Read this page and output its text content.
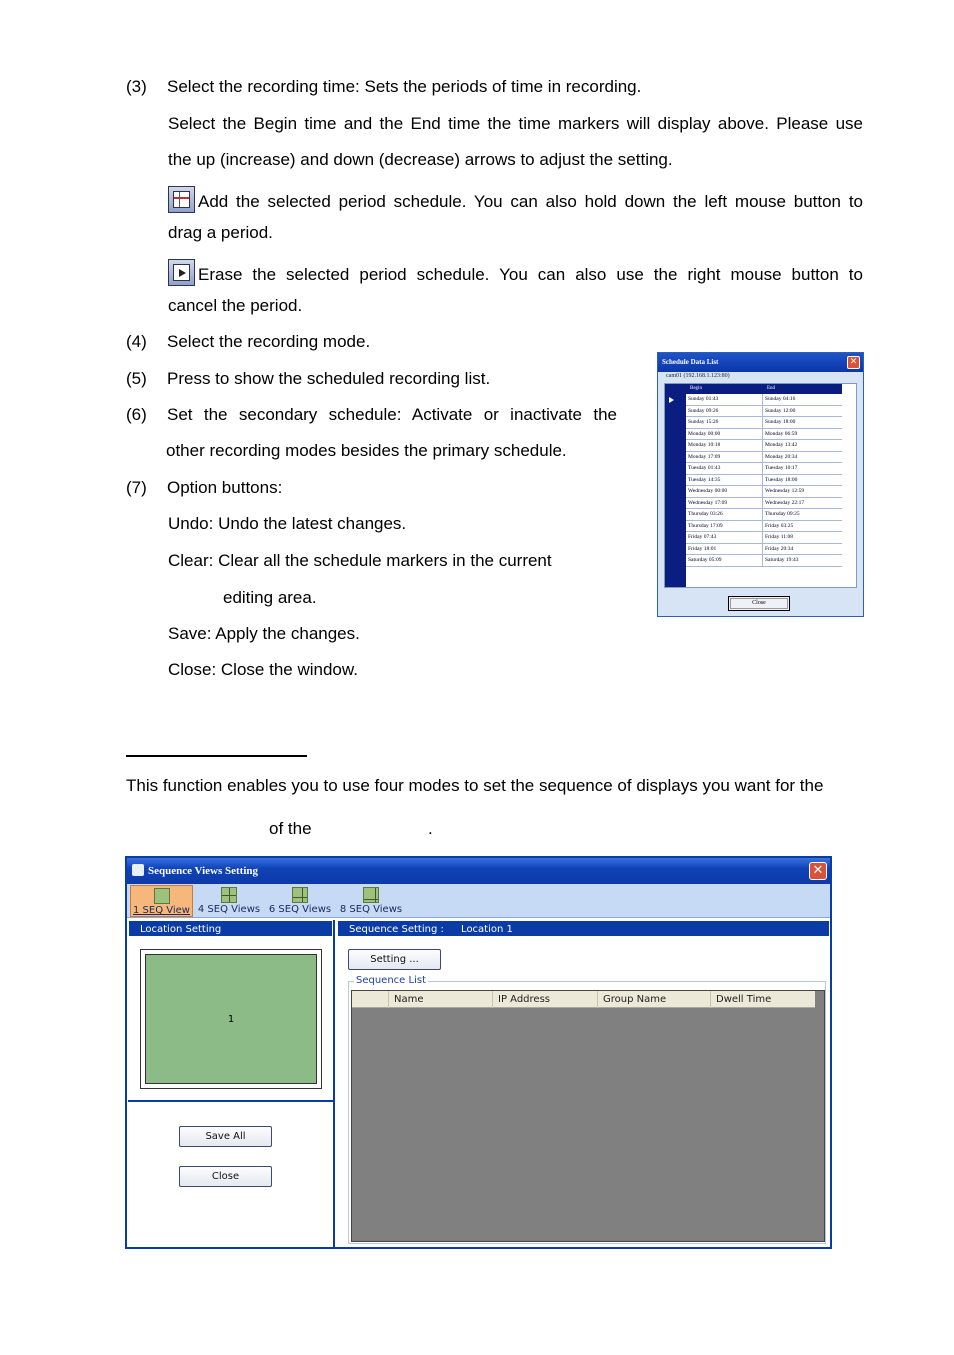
(3) Select the recording time: Sets the periods of time in recording.
Select the Begin time and the End time the time markers will display above. Please use
the up (increase) and down (decrease) arrows to adjust the setting.
Add the selected period schedule. You can also hold down the left mouse button to
drag a period.
Erase the selected period schedule. You can also use the right mouse button to
cancel the period.
(4) Select the recording mode.
(5) Press to show the scheduled recording list.
(6) Set the secondary schedule: Activate or inactivate the
other recording modes besides the primary schedule.
(7) Option buttons:
Undo: Undo the latest changes.
Clear: Clear all the schedule markers in the current
editing area.
Save: Apply the changes.
Close: Close the window.
This function enables you to use four modes to set the sequence of displays you want for the
of the	.
Schedule Data List	✕
cam01 (192.168.1.123:80)
Begin	End
Sunday 01:43	Sunday 04:16
Sunday 09:26	Sunday 12:00
Sunday 15:26	Sunday 18:00
Monday 00:00	Monday 06:59
Monday 10:18	Monday 13:42
Monday 17:09	Monday 20:34
Tuesday 01:43	Tuesday 10:17
Tuesday 14:35	Tuesday 18:00
Wednesday 00:00	Wednesday 12:59
Wednesday 17:09	Wednesday 22:17
Thursday 03:26	Thursday 09:25
Thursday 17:09	Friday 03:25
Friday 07:43	Friday 11:08
Friday 18:01	Friday 20:34
Saturday 05:09	Saturday 19:43
Close
Sequence Views Setting	✕
1 SEQ View 4 SEQ Views 6 SEQ Views 8 SEQ Views
Location Setting
1
Save All
Close
Sequence Setting : Location 1
Setting ...
Sequence List
Name	IP Address	Group Name	Dwell Time
